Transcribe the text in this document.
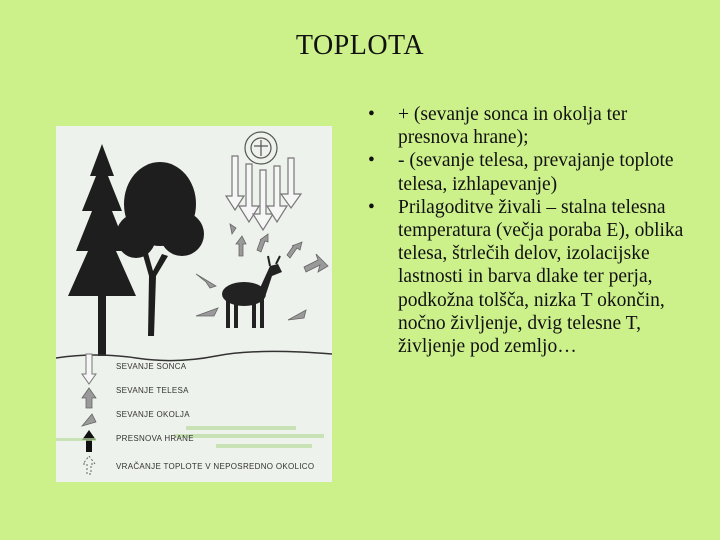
TOPLOTA
SEVANJE SONCA
SEVANJE TELESA
SEVANJE OKOLJA
PRESNOVA HRANE
VRAČANJE TOPLOTE V NEPOSREDNO OKOLICO
•	+ (sevanje sonca in okolja ter presnova hrane);
•	- (sevanje telesa, prevajanje toplote telesa, izhlapevanje)
•	Prilagoditve živali – stalna telesna temperatura (večja poraba E), oblika telesa, štrlečih delov, izolacijske lastnosti in barva dlake ter perja, podkožna tolšča, nizka T okončin, nočno življenje, dvig telesne T, življenje pod zemljo…
